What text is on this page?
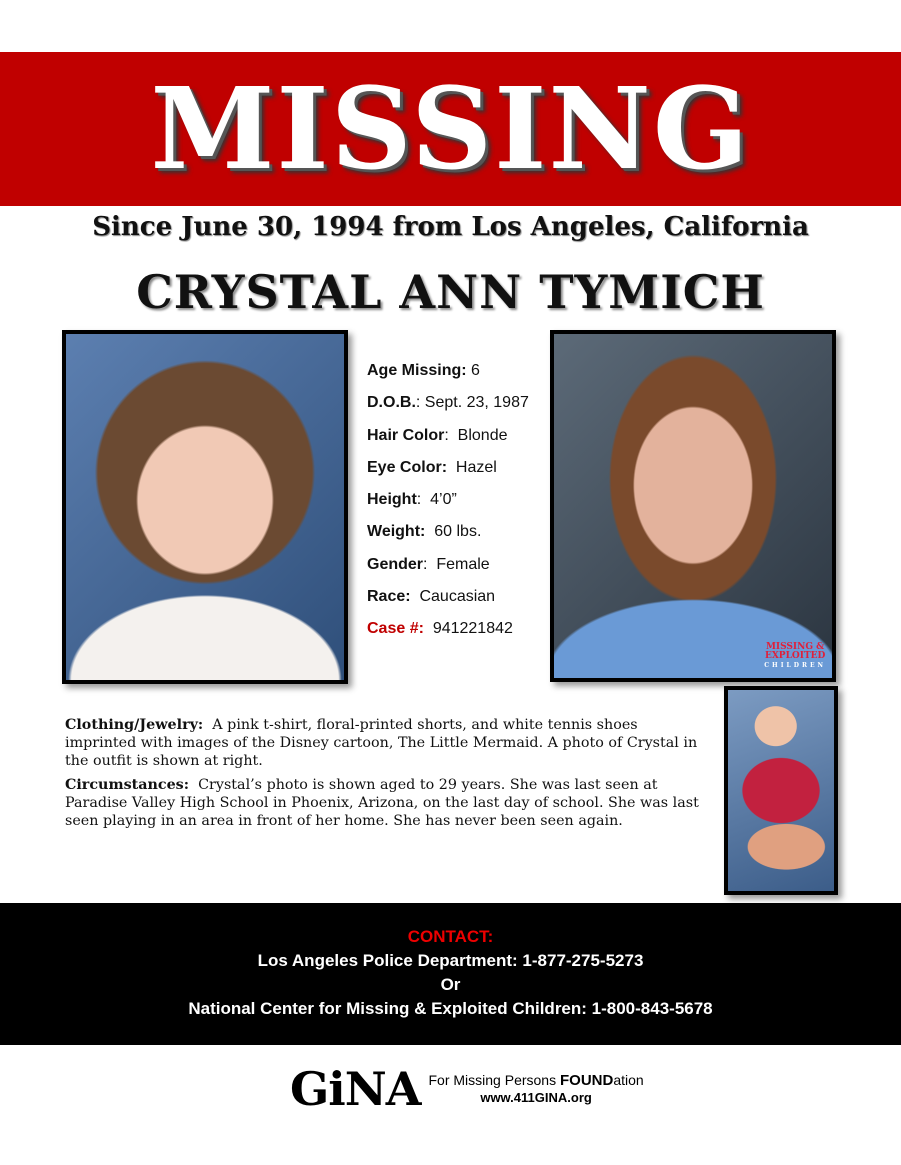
MISSING
Since June 30, 1994 from Los Angeles, California
CRYSTAL ANN TYMICH
MISSING &
EXPLOITED
CHILDREN
Age Missing: 6
D.O.B.: Sept. 23, 1987
Hair Color:  Blonde
Eye Color: Hazel
Height:  4’0”
Weight: 60 lbs.
Gender:  Female
Race: Caucasian
Case #: 941221842

Clothing/Jewelry: A pink t-shirt, floral-printed shorts, and white tennis shoes imprinted with images of the Disney cartoon, The Little Mermaid. A photo of Crystal in the outfit is shown at right.

Circumstances: Crystal’s photo is shown aged to 29 years. She was last seen at Paradise Valley High School in Phoenix, Arizona, on the last day of school. She was last seen playing in an area in front of her home. She has never been seen again.

CONTACT:
Los Angeles Police Department: 1-877-275-5273
Or
National Center for Missing & Exploited Children: 1-800-843-5678
GiNA For Missing Persons FOUNDation
www.411GINA.org
